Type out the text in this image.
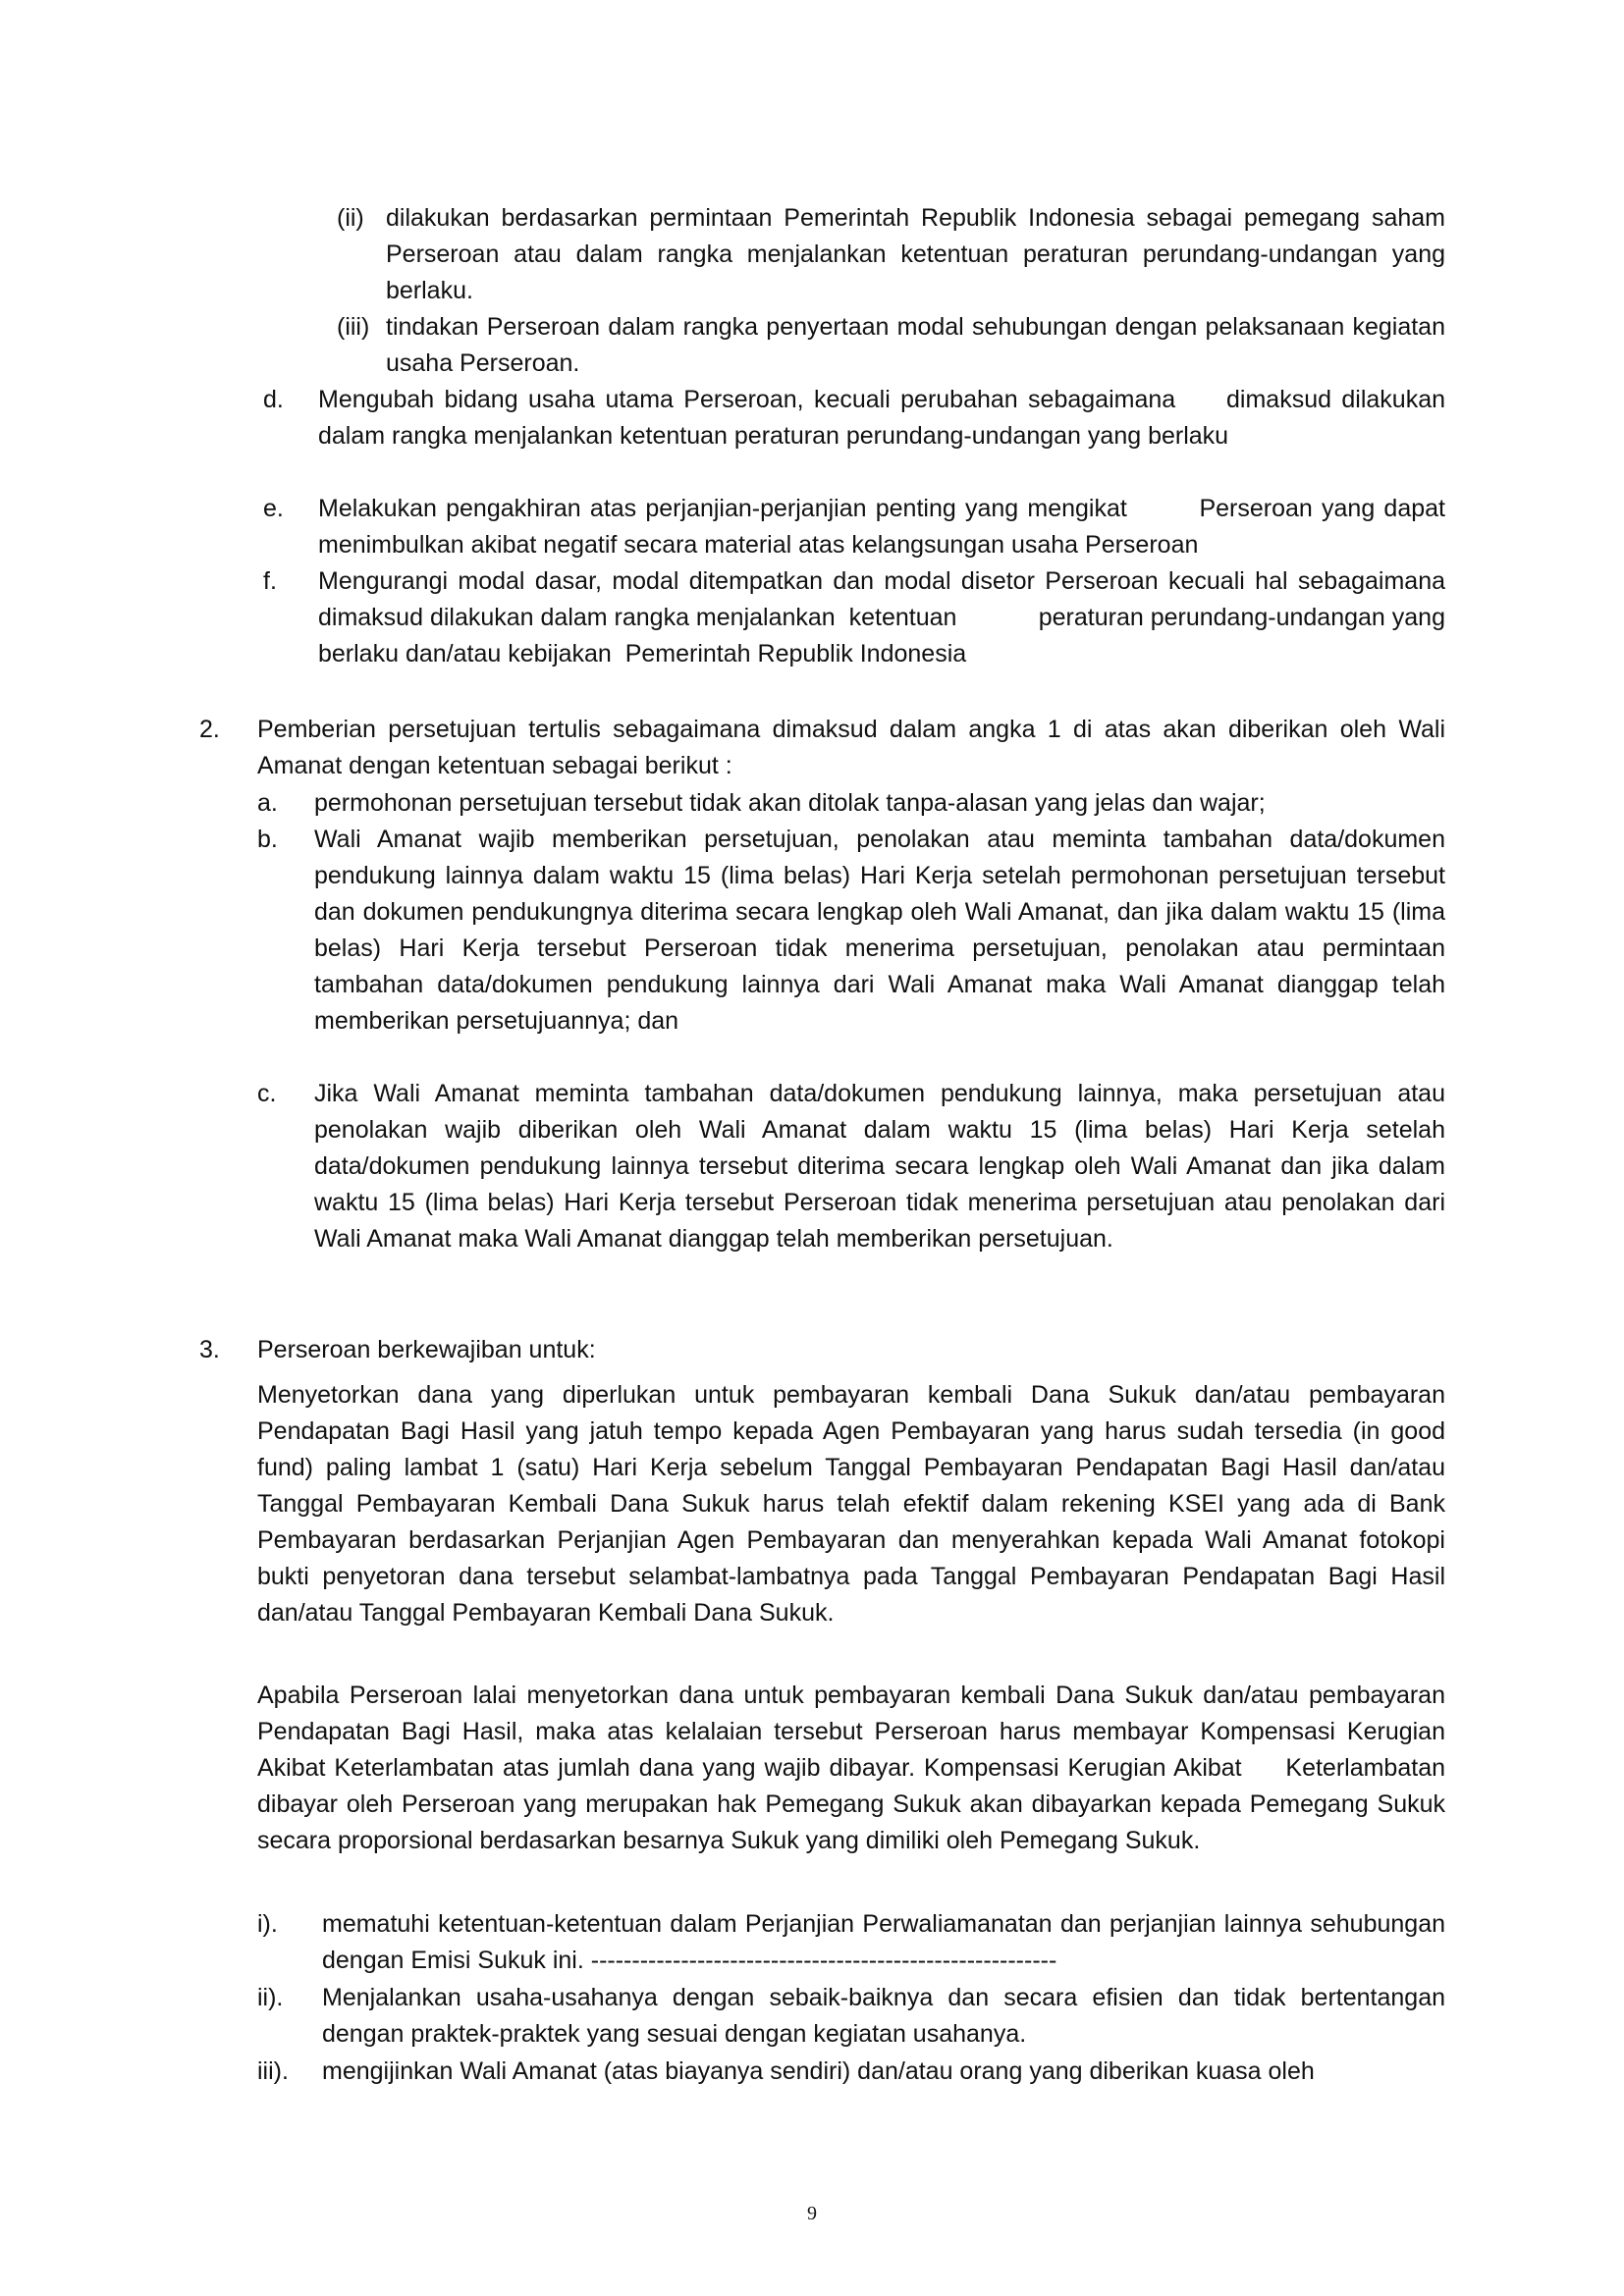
(ii) dilakukan berdasarkan permintaan Pemerintah Republik Indonesia sebagai pemegang saham Perseroan atau dalam rangka menjalankan ketentuan peraturan perundang-undangan yang berlaku.

(iii) tindakan Perseroan dalam rangka penyertaan modal sehubungan dengan pelaksanaan kegiatan usaha Perseroan.

d. Mengubah bidang usaha utama Perseroan, kecuali perubahan sebagaimana     dimaksud dilakukan dalam rangka menjalankan ketentuan peraturan perundang-undangan yang berlaku

e. Melakukan pengakhiran atas perjanjian-perjanjian penting yang mengikat        Perseroan yang dapat menimbulkan akibat negatif secara material atas kelangsungan usaha Perseroan

f. Mengurangi modal dasar, modal ditempatkan dan modal disetor Perseroan kecuali hal sebagaimana dimaksud dilakukan dalam rangka menjalankan  ketentuan            peraturan perundang-undangan yang berlaku dan/atau kebijakan  Pemerintah Republik Indonesia

2. Pemberian persetujuan tertulis sebagaimana dimaksud dalam angka 1 di atas akan diberikan oleh Wali Amanat dengan ketentuan sebagai berikut :

a. permohonan persetujuan tersebut tidak akan ditolak tanpa-alasan yang jelas dan wajar;

b. Wali Amanat wajib memberikan persetujuan, penolakan atau meminta tambahan data/dokumen pendukung lainnya dalam waktu 15 (lima belas) Hari Kerja setelah permohonan persetujuan tersebut dan dokumen pendukungnya diterima secara lengkap oleh Wali Amanat, dan jika dalam waktu 15 (lima belas) Hari Kerja tersebut Perseroan tidak menerima persetujuan, penolakan atau permintaan tambahan data/dokumen pendukung lainnya dari Wali Amanat maka Wali Amanat dianggap telah memberikan persetujuannya; dan

c. Jika Wali Amanat meminta tambahan data/dokumen pendukung lainnya, maka persetujuan atau penolakan wajib diberikan oleh Wali Amanat dalam waktu 15 (lima belas) Hari Kerja setelah data/dokumen pendukung lainnya tersebut diterima secara lengkap oleh Wali Amanat dan jika dalam waktu 15 (lima belas) Hari Kerja tersebut Perseroan tidak menerima persetujuan atau penolakan dari Wali Amanat maka Wali Amanat dianggap telah memberikan persetujuan.

3. Perseroan berkewajiban untuk:

Menyetorkan dana yang diperlukan untuk pembayaran kembali Dana Sukuk dan/atau pembayaran Pendapatan Bagi Hasil yang jatuh tempo kepada Agen Pembayaran yang harus sudah tersedia (in good fund) paling lambat 1 (satu) Hari Kerja sebelum Tanggal Pembayaran Pendapatan Bagi Hasil dan/atau Tanggal Pembayaran Kembali Dana Sukuk harus telah efektif dalam rekening KSEI yang ada di Bank Pembayaran berdasarkan Perjanjian Agen Pembayaran dan menyerahkan kepada Wali Amanat fotokopi bukti penyetoran dana tersebut selambat-lambatnya pada Tanggal Pembayaran Pendapatan Bagi Hasil dan/atau Tanggal Pembayaran Kembali Dana Sukuk.

Apabila Perseroan lalai menyetorkan dana untuk pembayaran kembali Dana Sukuk dan/atau pembayaran Pendapatan Bagi Hasil, maka atas kelalaian tersebut Perseroan harus membayar Kompensasi Kerugian Akibat Keterlambatan atas jumlah dana yang wajib dibayar. Kompensasi Kerugian Akibat     Keterlambatan dibayar oleh Perseroan yang merupakan hak Pemegang Sukuk akan dibayarkan kepada Pemegang Sukuk secara proporsional berdasarkan besarnya Sukuk yang dimiliki oleh Pemegang Sukuk.

i). mematuhi ketentuan-ketentuan dalam Perjanjian Perwaliamanatan dan perjanjian lainnya sehubungan dengan Emisi Sukuk ini. ---------------------------------------------------------

ii). Menjalankan usaha-usahanya dengan sebaik-baiknya dan secara efisien dan tidak bertentangan dengan praktek-praktek yang sesuai dengan kegiatan usahanya.

iii). mengijinkan Wali Amanat (atas biayanya sendiri) dan/atau orang yang diberikan kuasa oleh

9
